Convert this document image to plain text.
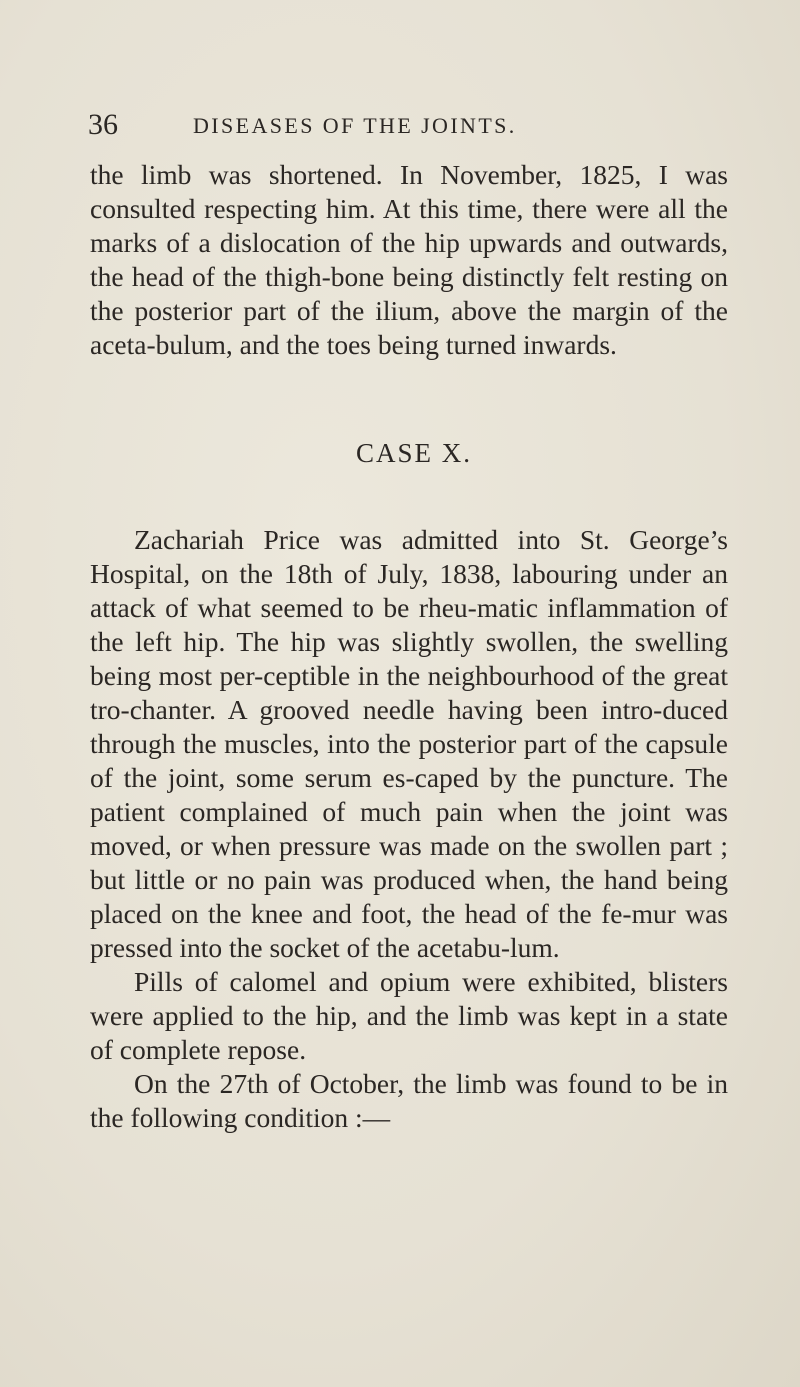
36	DISEASES OF THE JOINTS.

the limb was shortened. In November, 1825, I was consulted respecting him. At this time, there were all the marks of a dislocation of the hip upwards and outwards, the head of the thigh-bone being distinctly felt resting on the posterior part of the ilium, above the margin of the aceta-bulum, and the toes being turned inwards.

CASE X.

Zachariah Price was admitted into St. George’s Hospital, on the 18th of July, 1838, labouring under an attack of what seemed to be rheu-matic inflammation of the left hip. The hip was slightly swollen, the swelling being most per-ceptible in the neighbourhood of the great tro-chanter. A grooved needle having been intro-duced through the muscles, into the posterior part of the capsule of the joint, some serum es-caped by the puncture. The patient complained of much pain when the joint was moved, or when pressure was made on the swollen part ; but little or no pain was produced when, the hand being placed on the knee and foot, the head of the fe-mur was pressed into the socket of the acetabu-lum.

Pills of calomel and opium were exhibited, blisters were applied to the hip, and the limb was kept in a state of complete repose.

On the 27th of October, the limb was found to be in the following condition :—
